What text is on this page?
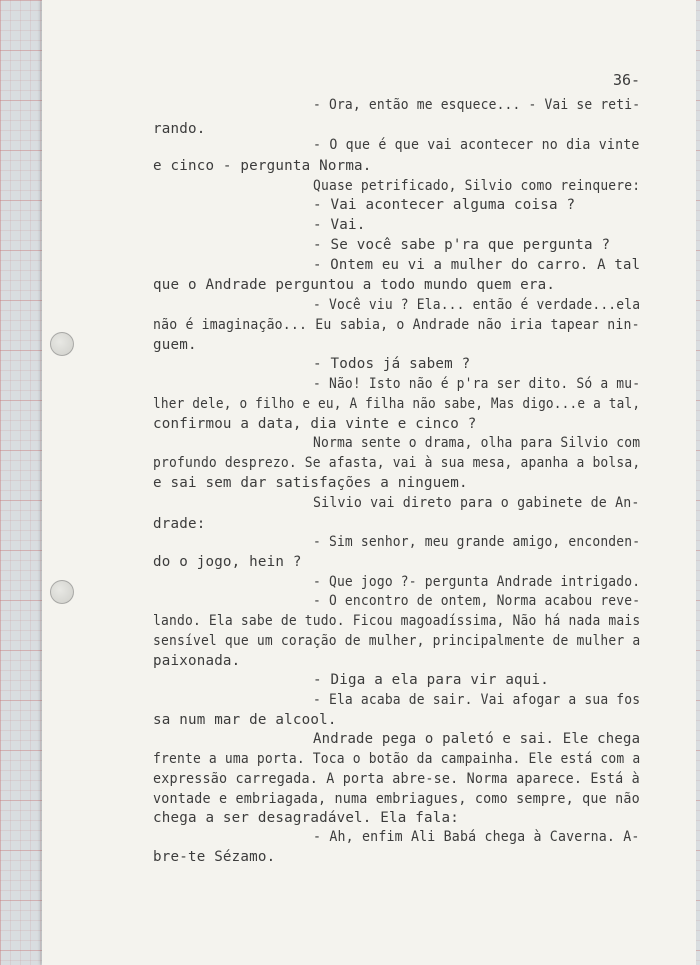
36-
- Ora, então me esquece... - Vai se reti-
rando.
- O que é que vai acontecer no dia vinte
e cinco - pergunta Norma.
Quase petrificado, Silvio como reinquere:
- Vai acontecer alguma coisa ?
- Vai.
- Se você sabe p'ra que pergunta ?
- Ontem eu vi a mulher do carro. A tal
que o Andrade perguntou a todo mundo quem era.
- Você viu ? Ela... então é verdade...ela
não é imaginação... Eu sabia, o Andrade não iria tapear nin-
guem.
- Todos já sabem ?
- Não! Isto não é p'ra ser dito. Só a mu-
lher dele, o filho e eu, A filha não sabe, Mas digo...e a tal,
confirmou a data, dia vinte e cinco ?
Norma sente o drama, olha para Silvio com
profundo desprezo. Se afasta, vai à sua mesa, apanha a bolsa,
e sai sem dar satisfações a ninguem.
Silvio vai direto para o gabinete de An-
drade:
- Sim senhor, meu grande amigo, enconden-
do o jogo, hein ?
- Que jogo ?- pergunta Andrade intrigado.
- O encontro de ontem, Norma acabou reve-
lando. Ela sabe de tudo. Ficou magoadíssima, Não há nada mais
sensível que um coração de mulher, principalmente de mulher a
paixonada.
- Diga a ela para vir aqui.
- Ela acaba de sair. Vai afogar a sua fos
sa num mar de alcool.
Andrade pega o paletó e sai. Ele chega
frente a uma porta. Toca o botão da campainha. Ele está com a
expressão carregada. A porta abre-se. Norma aparece. Está à
vontade e embriagada, numa embriagues, como sempre, que não
chega a ser desagradável. Ela fala:
- Ah, enfim Ali Babá chega à Caverna. A-
bre-te Sézamo.
